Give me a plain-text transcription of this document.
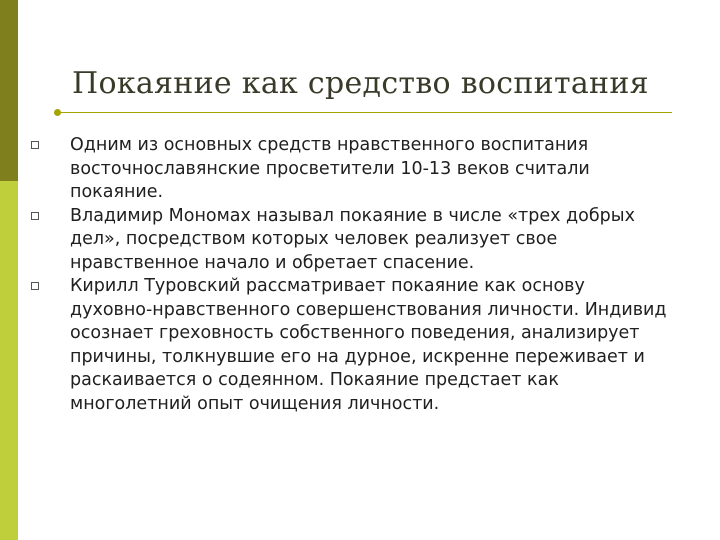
Покаяние как средство воспитания
Одним из основных средств нравственного воспитания восточнославянские просветители 10-13 веков считали покаяние.
Владимир Мономах называл покаяние в числе «трех добрых дел», посредством которых человек реализует свое нравственное начало и обретает спасение.
Кирилл Туровский рассматривает покаяние как основу духовно-нравственного совершенствования личности. Индивид осознает греховность собственного поведения, анализирует причины, толкнувшие его на дурное, искренне переживает и раскаивается о содеянном. Покаяние предстает как многолетний опыт очищения личности.
